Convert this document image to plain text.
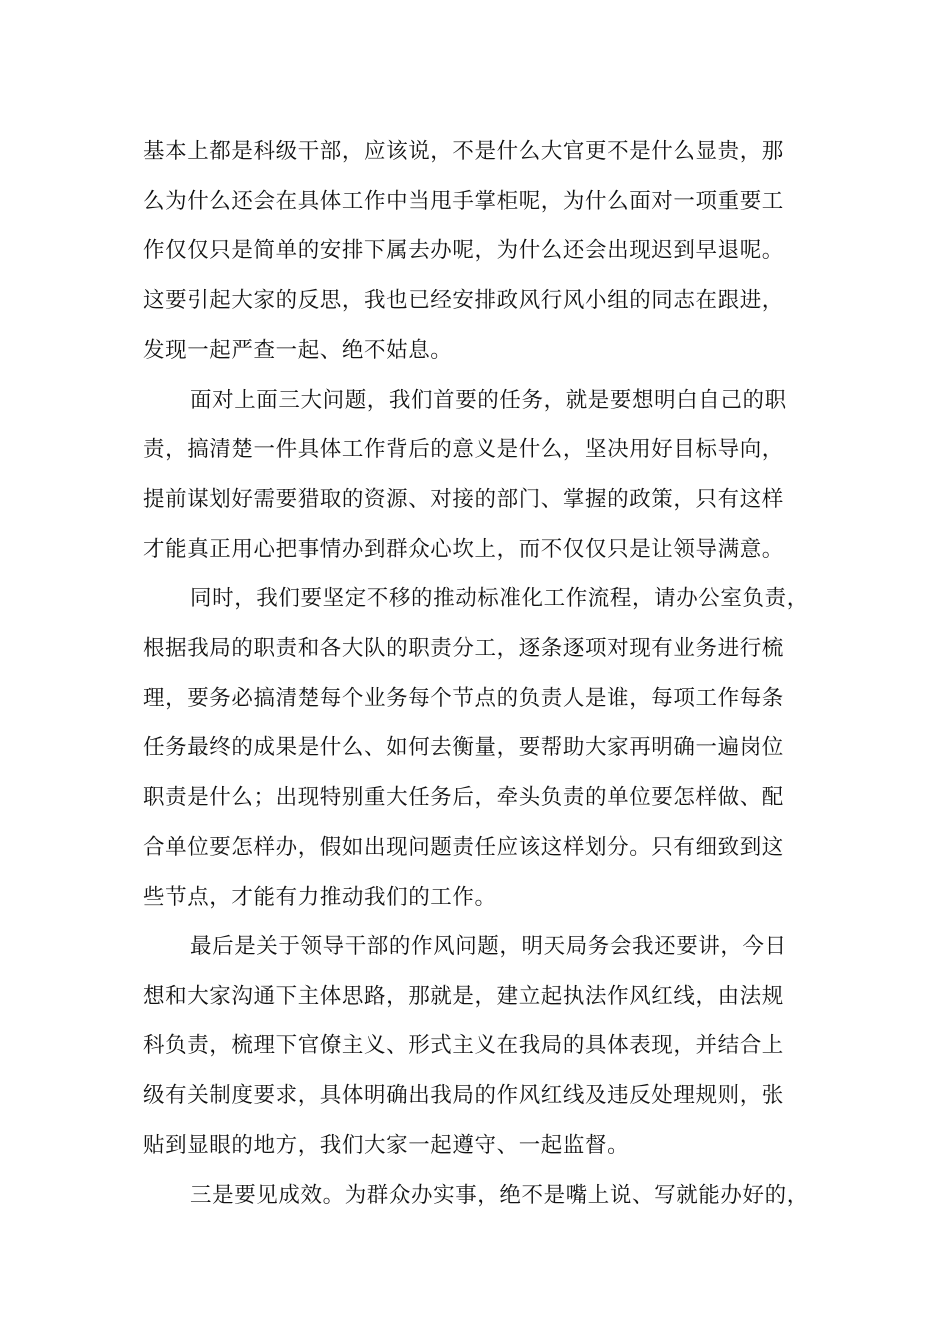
基本上都是科级干部，应该说，不是什么大官更不是什么显贵，那
么为什么还会在具体工作中当甩手掌柜呢，为什么面对一项重要工
作仅仅只是简单的安排下属去办呢，为什么还会出现迟到早退呢。
这要引起大家的反思，我也已经安排政风行风小组的同志在跟进，
发现一起严查一起、绝不姑息。
面对上面三大问题，我们首要的任务，就是要想明白自己的职
责，搞清楚一件具体工作背后的意义是什么，坚决用好目标导向，
提前谋划好需要猎取的资源、对接的部门、掌握的政策，只有这样
才能真正用心把事情办到群众心坎上，而不仅仅只是让领导满意。
同时，我们要坚定不移的推动标准化工作流程，请办公室负责，
根据我局的职责和各大队的职责分工，逐条逐项对现有业务进行梳
理，要务必搞清楚每个业务每个节点的负责人是谁，每项工作每条
任务最终的成果是什么、如何去衡量，要帮助大家再明确一遍岗位
职责是什么；出现特别重大任务后，牵头负责的单位要怎样做、配
合单位要怎样办，假如出现问题责任应该这样划分。只有细致到这
些节点，才能有力推动我们的工作。
最后是关于领导干部的作风问题，明天局务会我还要讲，今日
想和大家沟通下主体思路，那就是，建立起执法作风红线，由法规
科负责，梳理下官僚主义、形式主义在我局的具体表现，并结合上
级有关制度要求，具体明确出我局的作风红线及违反处理规则，张
贴到显眼的地方，我们大家一起遵守、一起监督。
三是要见成效。为群众办实事，绝不是嘴上说、写就能办好的，
